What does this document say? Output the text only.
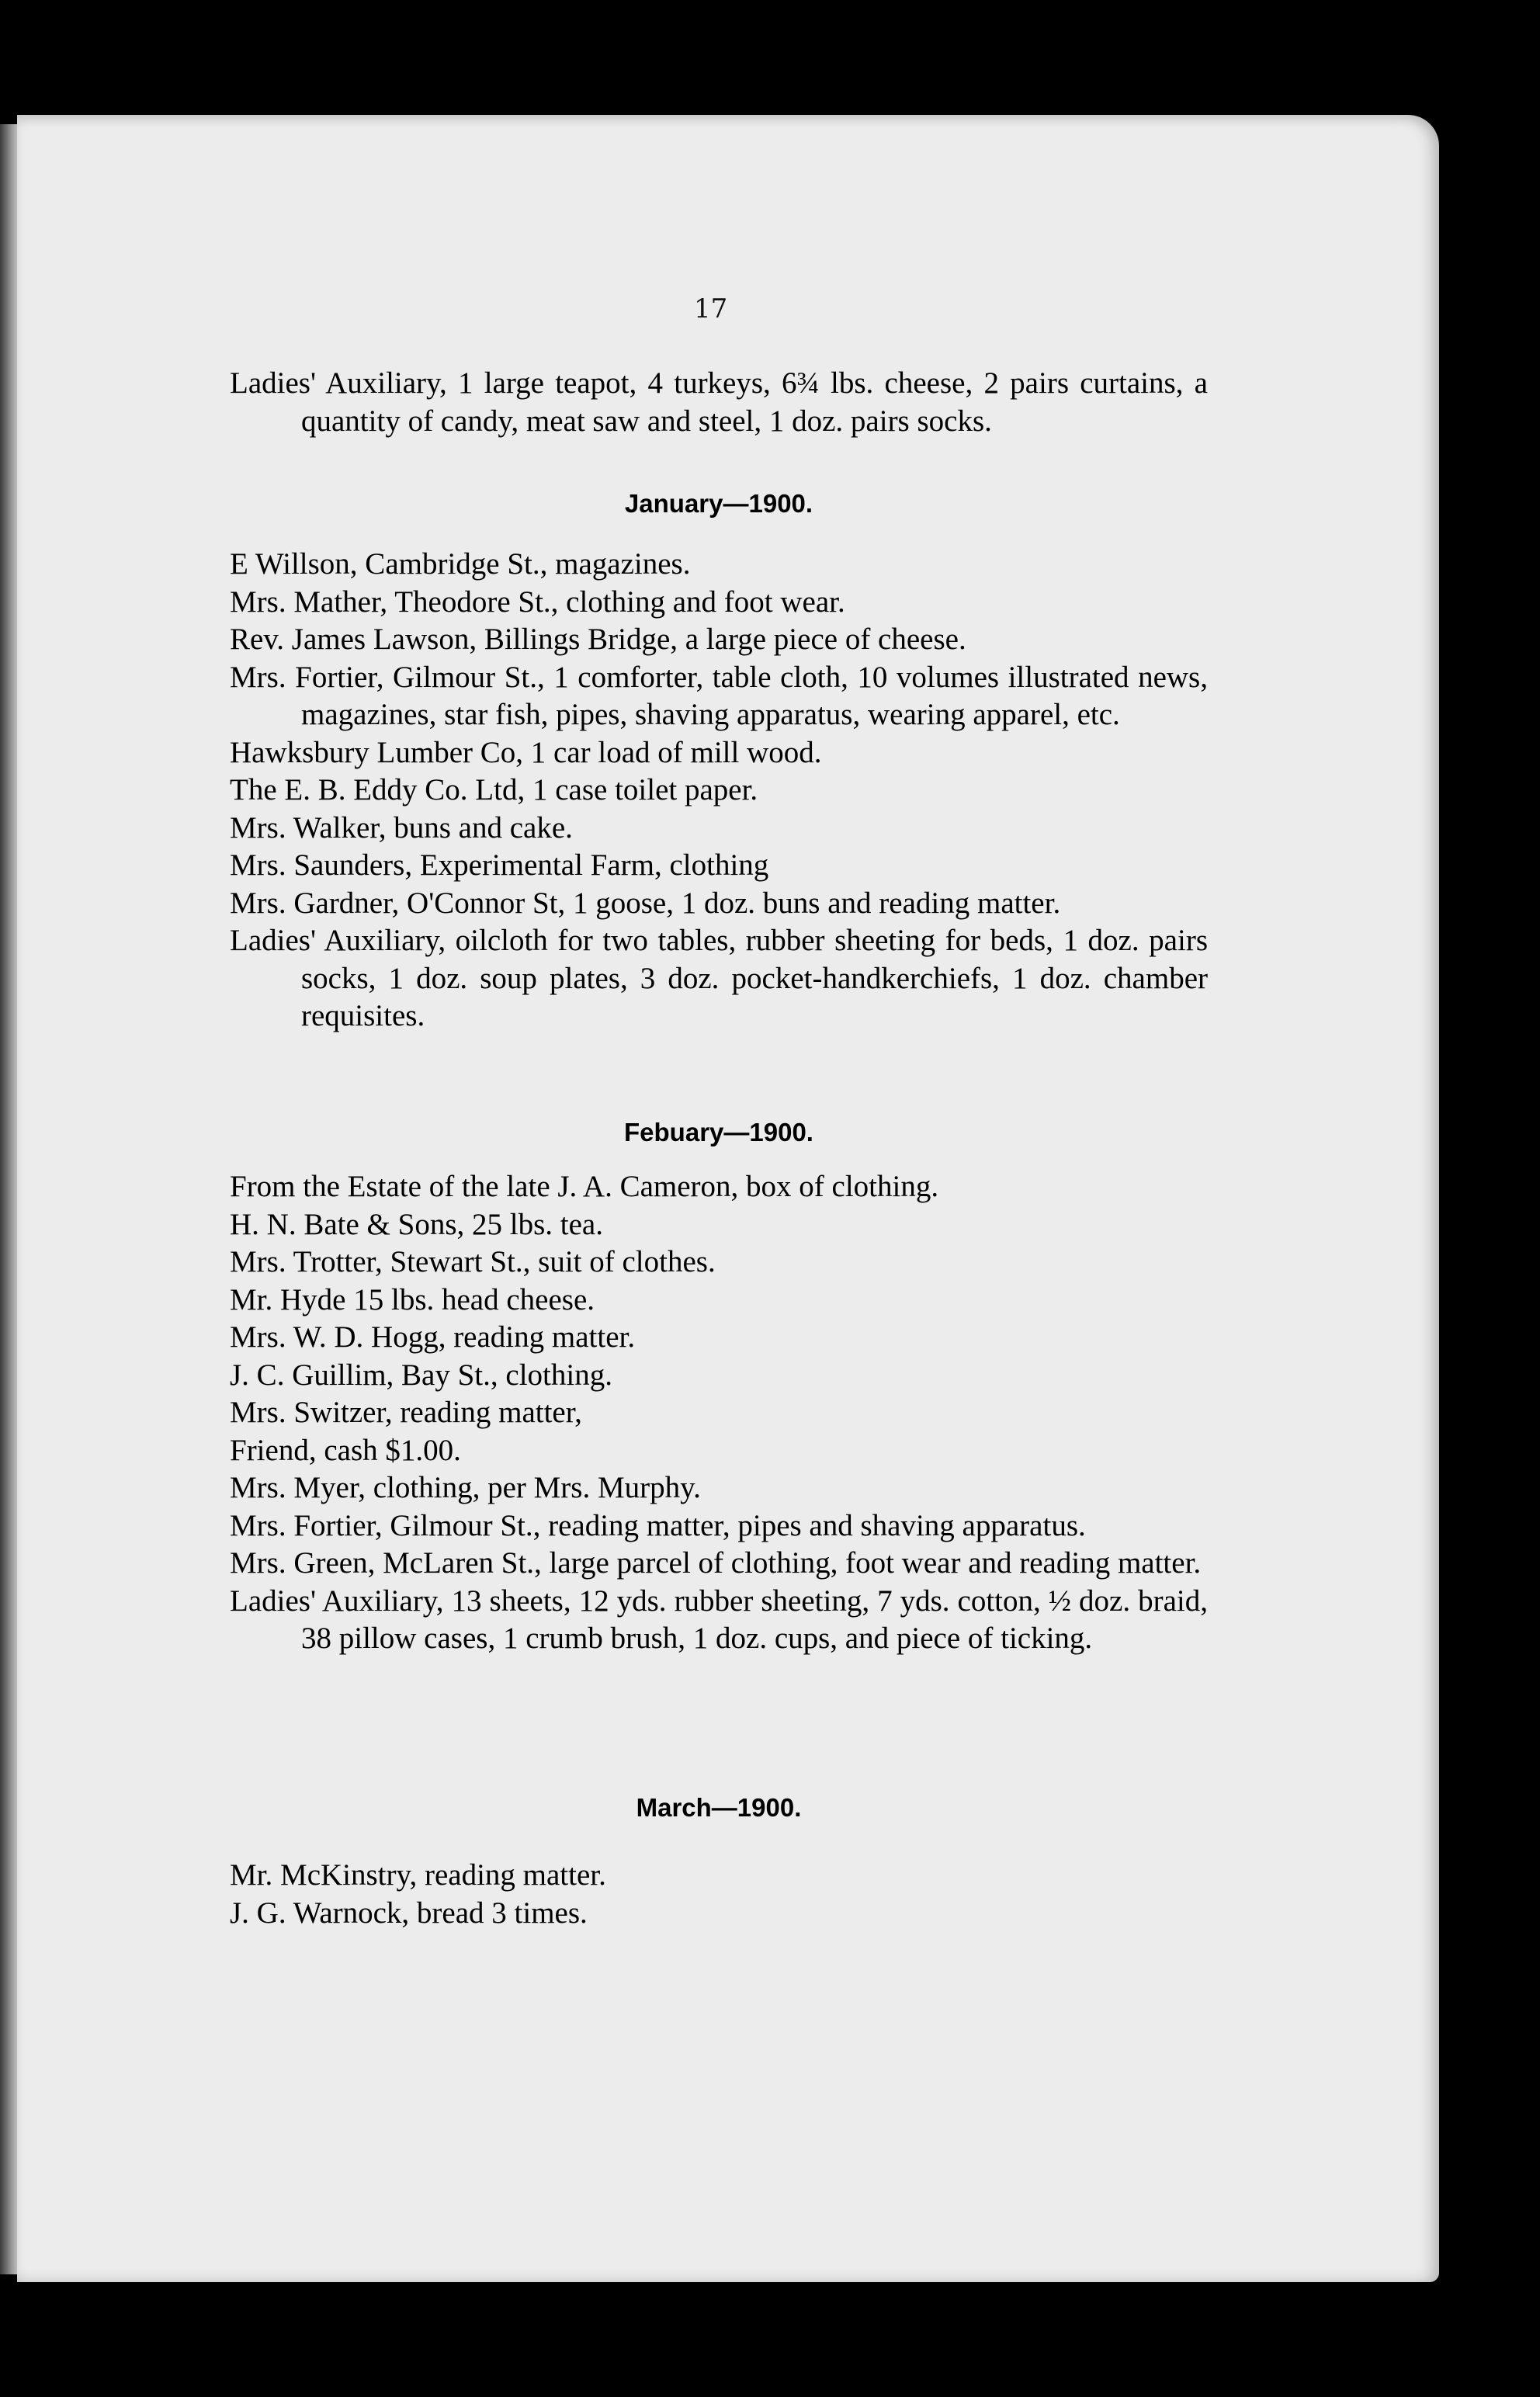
17

Ladies' Auxiliary, 1 large teapot, 4 turkeys, 6¾ lbs. cheese, 2 pairs curtains, a quantity of candy, meat saw and steel, 1 doz. pairs socks.
January—1900.
E Willson, Cambridge St., magazines.
Mrs. Mather, Theodore St., clothing and foot wear.
Rev. James Lawson, Billings Bridge, a large piece of cheese.
Mrs. Fortier, Gilmour St., 1 comforter, table cloth, 10 volumes illustrated news, magazines, star fish, pipes, shaving apparatus, wearing apparel, etc.
Hawksbury Lumber Co, 1 car load of mill wood.
The E. B. Eddy Co. Ltd, 1 case toilet paper.
Mrs. Walker, buns and cake.
Mrs. Saunders, Experimental Farm, clothing
Mrs. Gardner, O'Connor St, 1 goose, 1 doz. buns and reading matter.
Ladies' Auxiliary, oilcloth for two tables, rubber sheeting for beds, 1 doz. pairs socks, 1 doz. soup plates, 3 doz. pocket-handkerchiefs, 1 doz. chamber requisites.
Febuary—1900.
From the Estate of the late J. A. Cameron, box of clothing.
H. N. Bate & Sons, 25 lbs. tea.
Mrs. Trotter, Stewart St., suit of clothes.
Mr. Hyde 15 lbs. head cheese.
Mrs. W. D. Hogg, reading matter.
J. C. Guillim, Bay St., clothing.
Mrs. Switzer, reading matter,
Friend, cash $1.00.
Mrs. Myer, clothing, per Mrs. Murphy.
Mrs. Fortier, Gilmour St., reading matter, pipes and shaving apparatus.
Mrs. Green, McLaren St., large parcel of clothing, foot wear and reading matter.
Ladies' Auxiliary, 13 sheets, 12 yds. rubber sheeting, 7 yds. cotton, ½ doz. braid, 38 pillow cases, 1 crumb brush, 1 doz. cups, and piece of ticking.
March—1900.
Mr. McKinstry, reading matter.
J. G. Warnock, bread 3 times.
